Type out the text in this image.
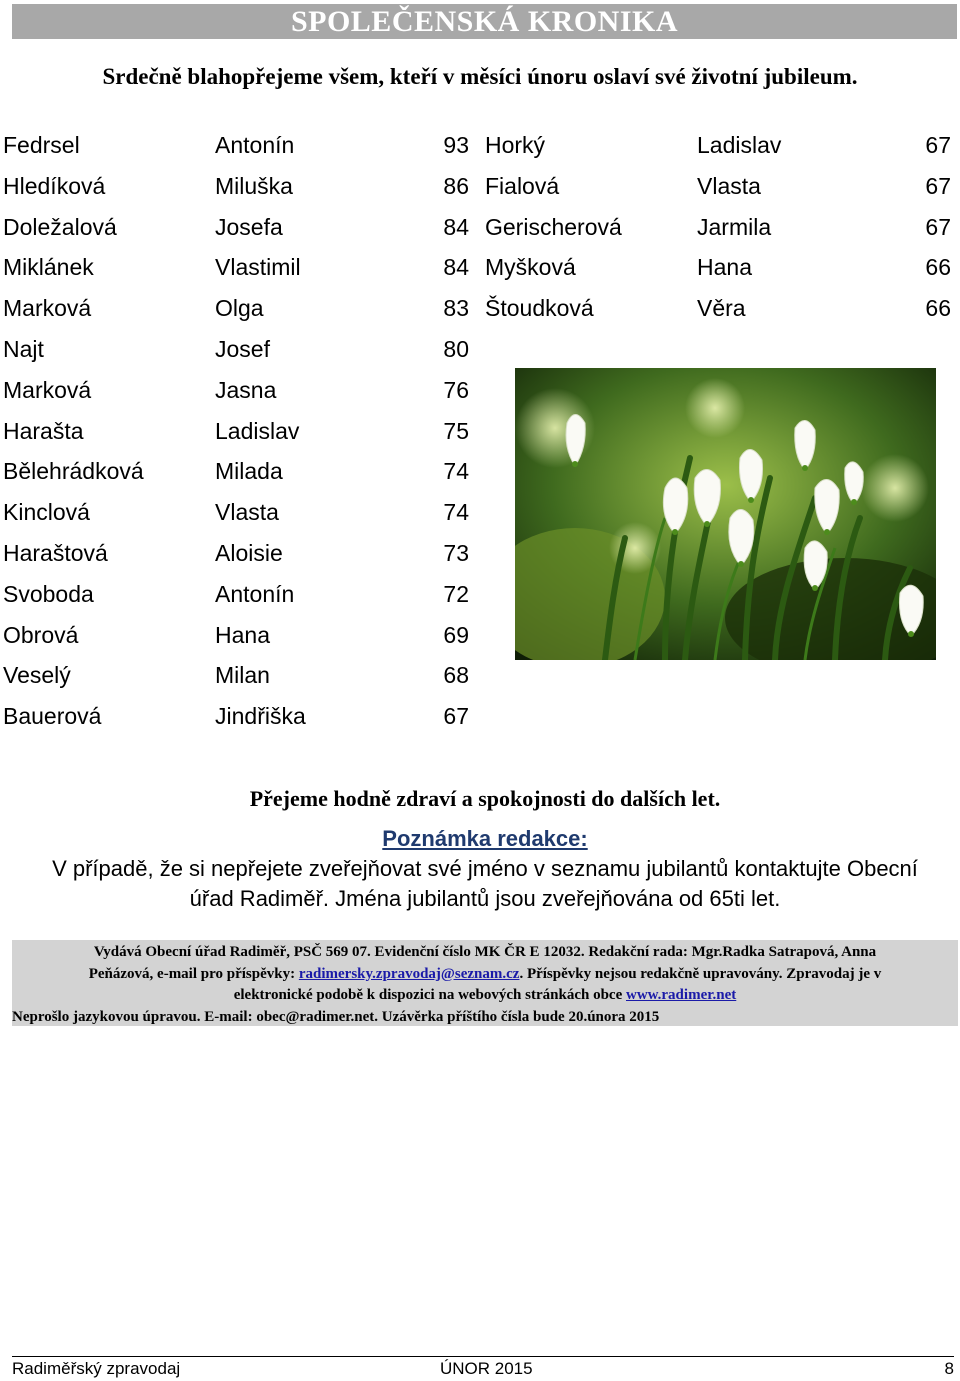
SPOLEČENSKÁ KRONIKA
Srdečně blahopřejeme všem, kteří v měsíci únoru oslaví své životní jubileum.
Fedrsel	Antonín	93
Hledíková	Miluška	86
Doležalová	Josefa	84
Miklánek	Vlastimil	84
Marková	Olga	83
Najt	Josef	80
Marková	Jasna	76
Harašta	Ladislav	75
Bělehrádková	Milada	74
Kinclová	Vlasta	74
Haraštová	Aloisie	73
Svoboda	Antonín	72
Obrová	Hana	69
Veselý	Milan	68
Bauerová	Jindřiška	67
Horký	Ladislav	67
Fialová	Vlasta	67
Gerischerová	Jarmila	67
Myšková	Hana	66
Štoudková	Věra	66
Přejeme hodně zdraví a spokojnosti do dalších let.
Poznámka redakce:
V případě, že si nepřejete zveřejňovat své jméno v seznamu jubilantů kontaktujte Obecní
úřad Radiměř. Jména jubilantů jsou zveřejňována od 65ti let.
Vydává Obecní úřad Radiměř, PSČ 569 07. Evidenční číslo MK ČR E 12032. Redakční rada: Mgr.Radka Satrapová, Anna
Peňázová, e-mail pro příspěvky: radimersky.zpravodaj@seznam.cz. Příspěvky nejsou redakčně upravovány. Zpravodaj je v
elektronické podobě k dispozici na webových stránkách obce www.radimer.net
Neprošlo jazykovou úpravou. E-mail: obec@radimer.net. Uzávěrka příštího čísla bude 20.února 2015
Radiměřský zpravodaj	ÚNOR 2015	8
